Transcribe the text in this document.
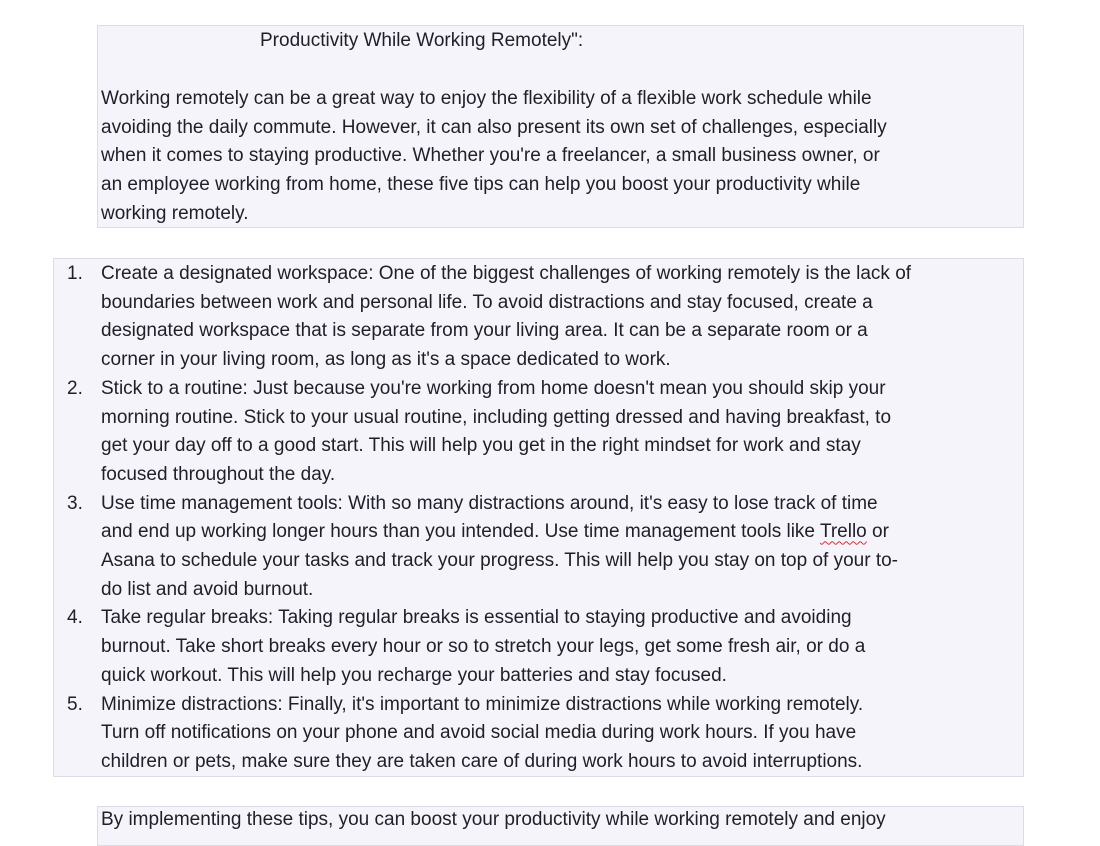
Productivity While Working Remotely":
Working remotely can be a great way to enjoy the flexibility of a flexible work schedule while
avoiding the daily commute. However, it can also present its own set of challenges, especially
when it comes to staying productive. Whether you're a freelancer, a small business owner, or
an employee working from home, these five tips can help you boost your productivity while
working remotely.
1. Create a designated workspace: One of the biggest challenges of working remotely is the lack of
boundaries between work and personal life. To avoid distractions and stay focused, create a
designated workspace that is separate from your living area. It can be a separate room or a
corner in your living room, as long as it's a space dedicated to work.
2. Stick to a routine: Just because you're working from home doesn't mean you should skip your
morning routine. Stick to your usual routine, including getting dressed and having breakfast, to
get your day off to a good start. This will help you get in the right mindset for work and stay
focused throughout the day.
3. Use time management tools: With so many distractions around, it's easy to lose track of time
and end up working longer hours than you intended. Use time management tools like Trello or
Asana to schedule your tasks and track your progress. This will help you stay on top of your to-
do list and avoid burnout.
4. Take regular breaks: Taking regular breaks is essential to staying productive and avoiding
burnout. Take short breaks every hour or so to stretch your legs, get some fresh air, or do a
quick workout. This will help you recharge your batteries and stay focused.
5. Minimize distractions: Finally, it's important to minimize distractions while working remotely.
Turn off notifications on your phone and avoid social media during work hours. If you have
children or pets, make sure they are taken care of during work hours to avoid interruptions.
By implementing these tips, you can boost your productivity while working remotely and enjoy
